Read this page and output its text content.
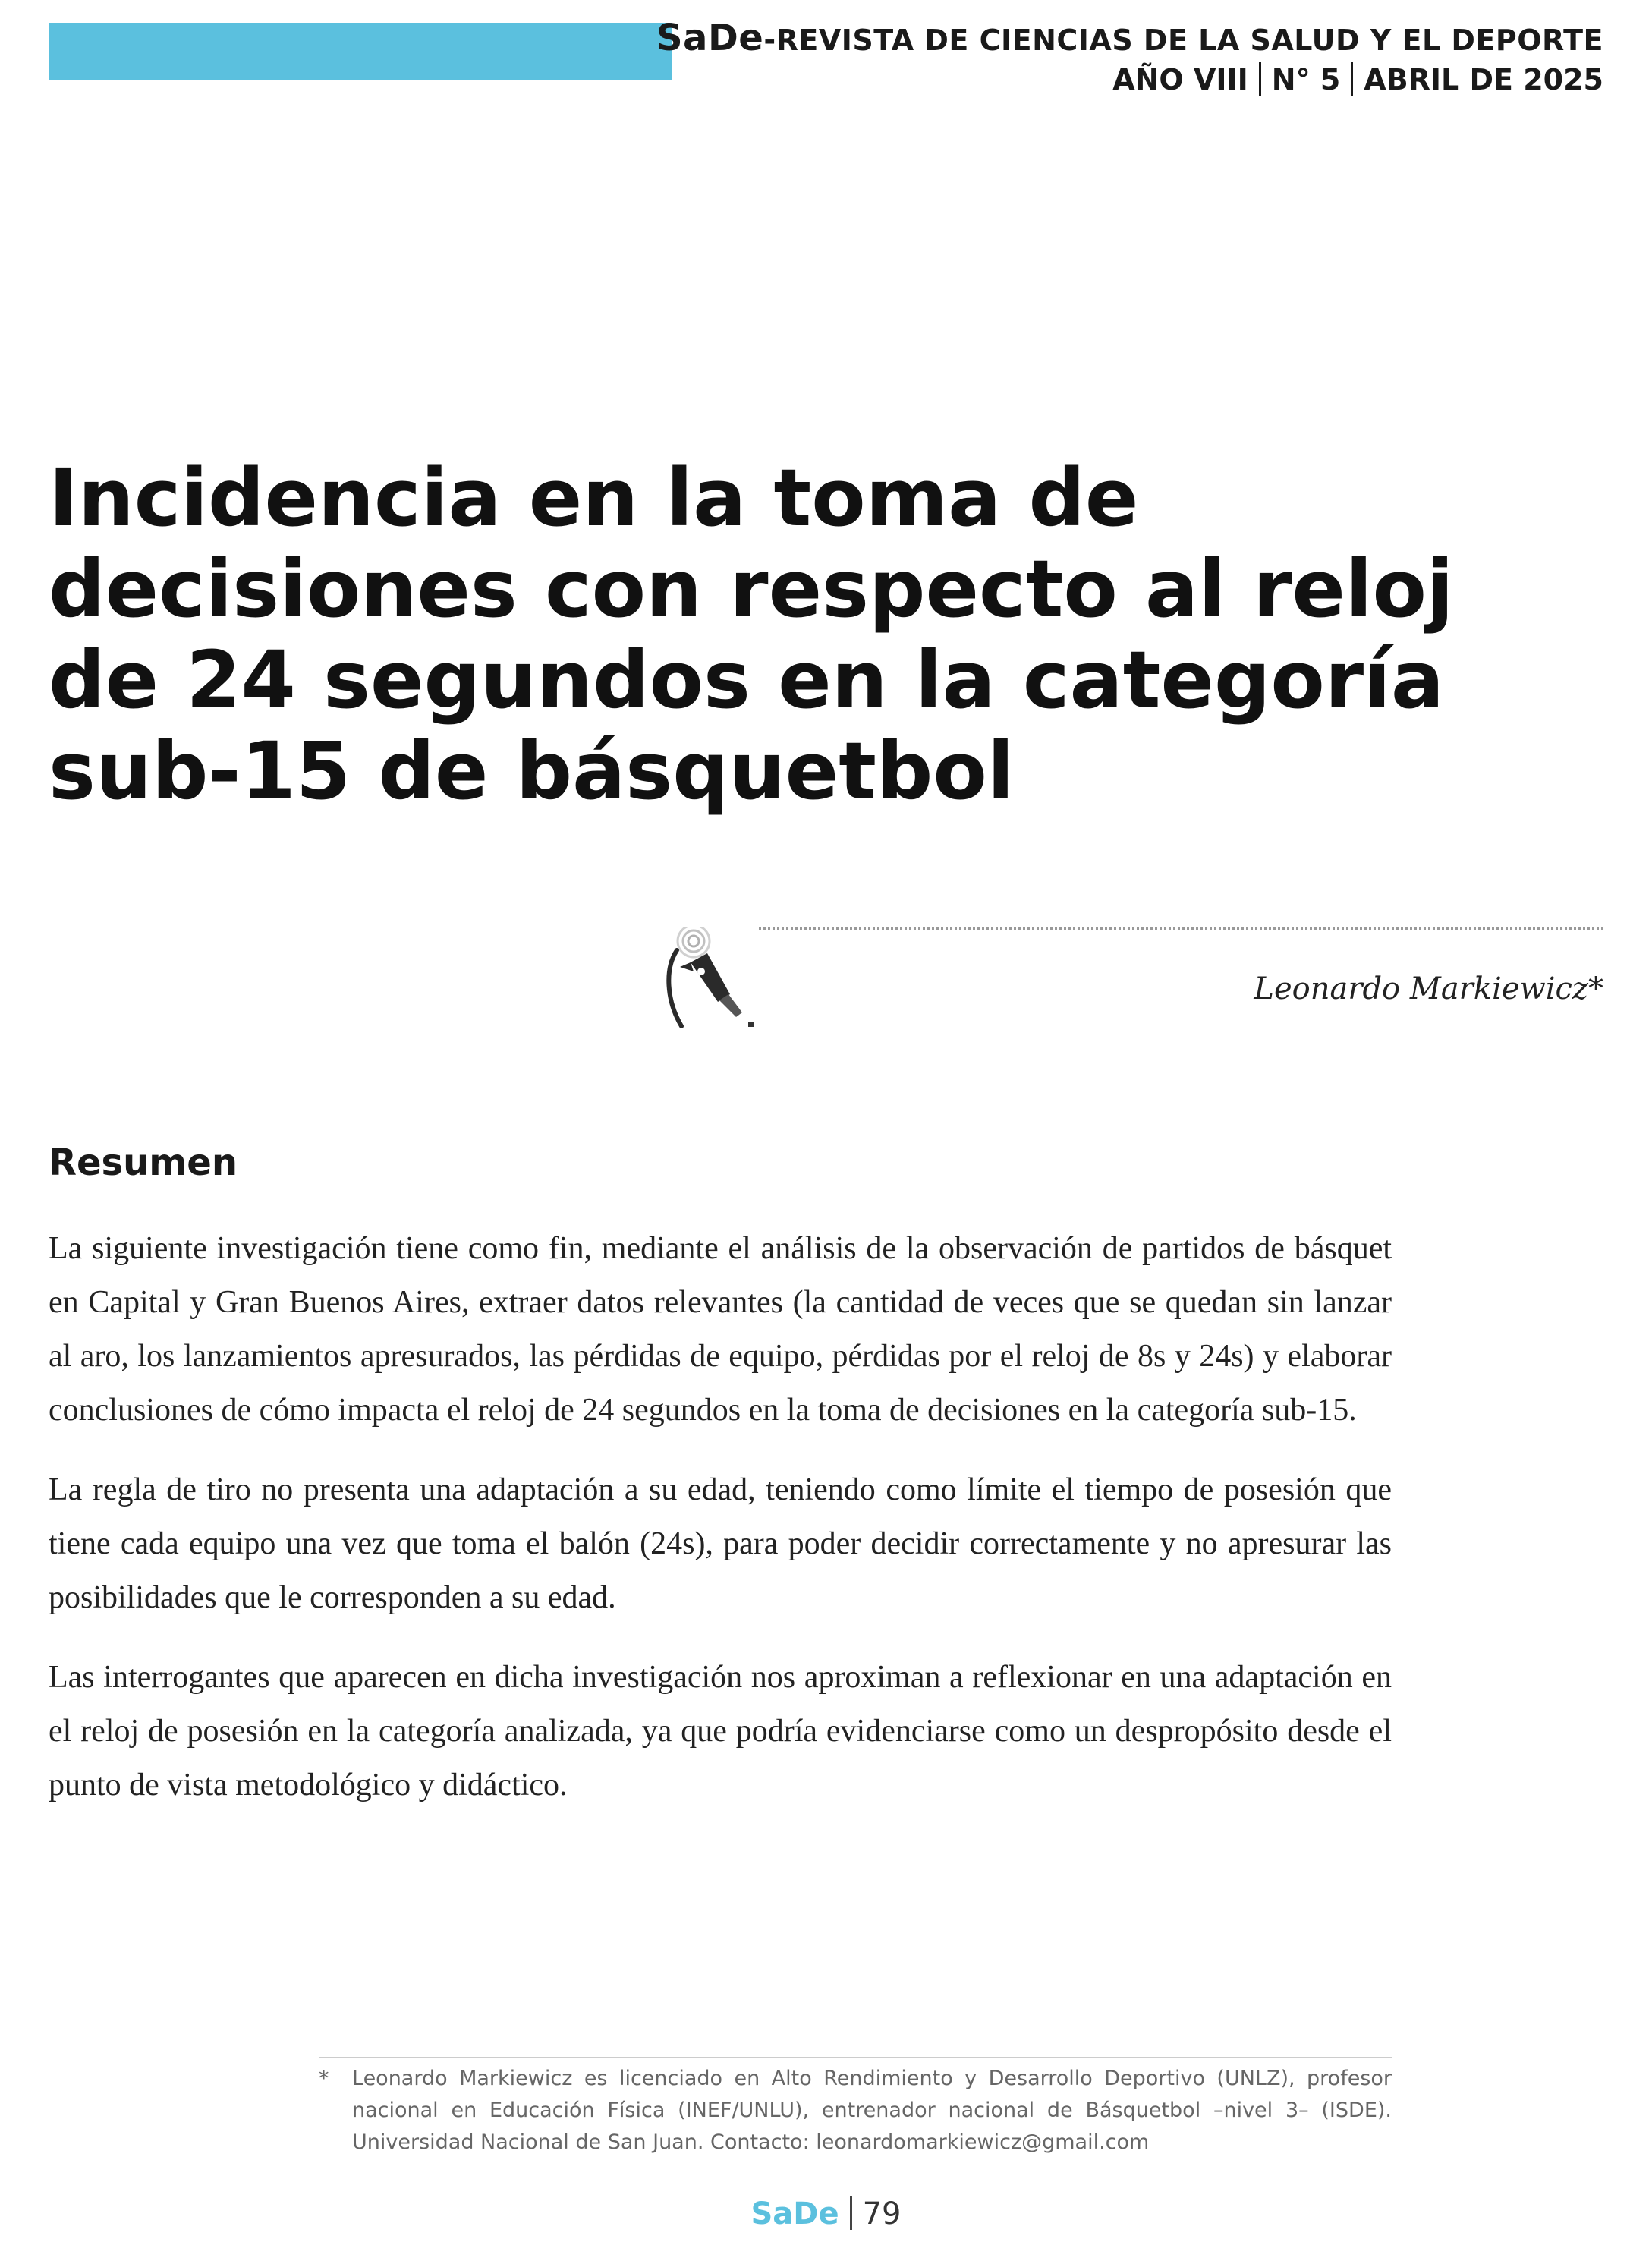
SaDe-REVISTA DE CIENCIAS DE LA SALUD Y EL DEPORTE
AÑO VIII N° 5 ABRIL DE 2025
Incidencia en la toma de
decisiones con respecto al reloj
de 24 segundos en la categoría
sub-15 de básquetbol
Leonardo Markiewicz*
Resumen

La siguiente investigación tiene como fin, mediante el análisis de la observación de partidos de básquet en Capital y Gran Buenos Aires, extraer datos relevantes (la cantidad de veces que se quedan sin lanzar al aro, los lanzamientos apresurados, las pérdidas de equipo, pérdidas por el reloj de 8s y 24s) y elaborar conclusiones de cómo impacta el reloj de 24 segundos en la toma de decisiones en la categoría sub-15.

La regla de tiro no presenta una adaptación a su edad, teniendo como límite el tiempo de posesión que tiene cada equipo una vez que toma el balón (24s), para poder decidir correctamente y no apresurar las posibilidades que le corresponden a su edad.

Las interrogantes que aparecen en dicha investigación nos aproximan a reflexionar en una adaptación en el reloj de posesión en la categoría analizada, ya que podría evidenciarse como un despropósito desde el punto de vista metodológico y didáctico.

* Leonardo Markiewicz es licenciado en Alto Rendimiento y Desarrollo Deportivo (UNLZ), profesor nacional en Educación Física (INEF/UNLU), entrenador nacional de Básquetbol –nivel 3– (ISDE). Universidad Nacional de San Juan. Contacto: leonardomarkiewicz@gmail.com
SaDe 79
